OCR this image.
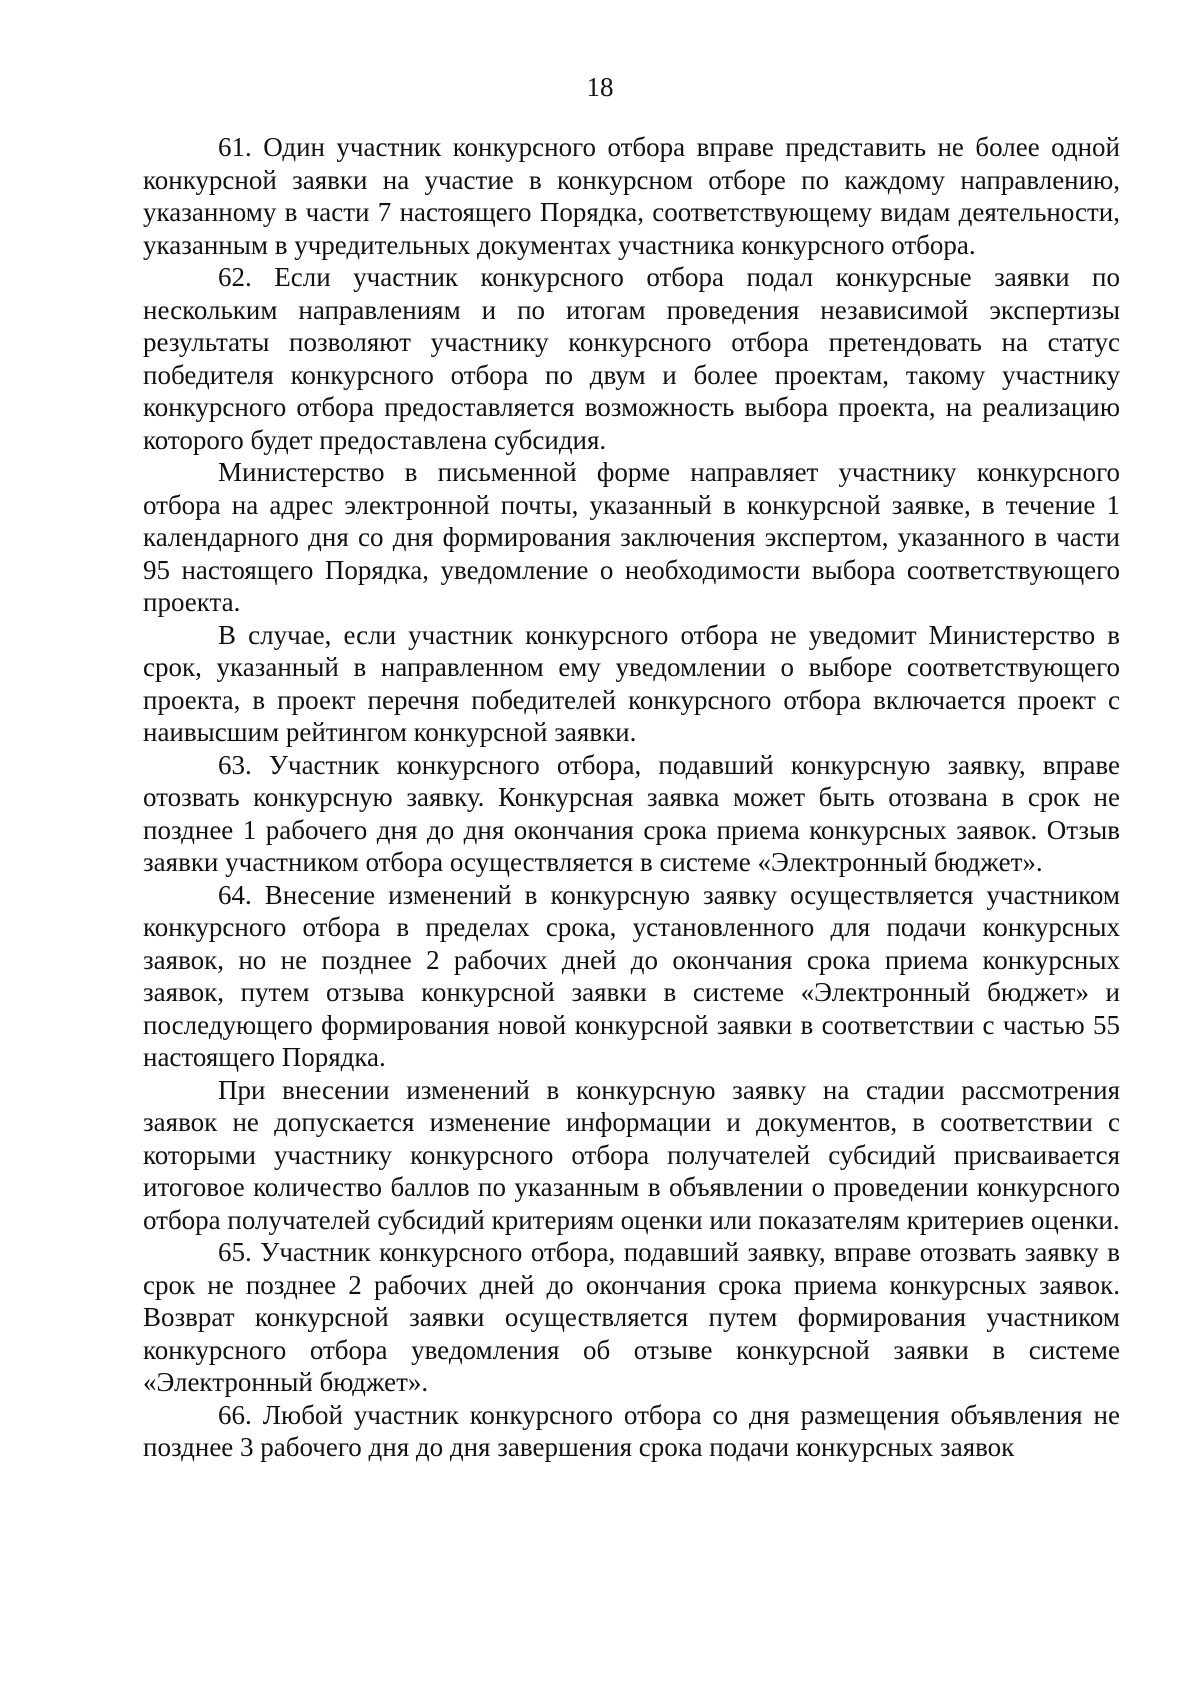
18

61. Один участник конкурсного отбора вправе представить не более одной конкурсной заявки на участие в конкурсном отборе по каждому направлению, указанному в части 7 настоящего Порядка, соответствующему видам деятельности, указанным в учредительных документах участника конкурсного отбора.

62. Если участник конкурсного отбора подал конкурсные заявки по нескольким направлениям и по итогам проведения независимой экспертизы результаты позволяют участнику конкурсного отбора претендовать на статус победителя конкурсного отбора по двум и более проектам, такому участнику конкурсного отбора предоставляется возможность выбора проекта, на реализацию которого будет предоставлена субсидия.

Министерство в письменной форме направляет участнику конкурсного отбора на адрес электронной почты, указанный в конкурсной заявке, в течение 1 календарного дня со дня формирования заключения экспертом, указанного в части 95 настоящего Порядка, уведомление о необходимости выбора соответствующего проекта.

В случае, если участник конкурсного отбора не уведомит Министерство в срок, указанный в направленном ему уведомлении о выборе соответствующего проекта, в проект перечня победителей конкурсного отбора включается проект с наивысшим рейтингом конкурсной заявки.

63. Участник конкурсного отбора, подавший конкурсную заявку, вправе отозвать конкурсную заявку. Конкурсная заявка может быть отозвана в срок не позднее 1 рабочего дня до дня окончания срока приема конкурсных заявок. Отзыв заявки участником отбора осуществляется в системе «Электронный бюджет».

64. Внесение изменений в конкурсную заявку осуществляется участником конкурсного отбора в пределах срока, установленного для подачи конкурсных заявок, но не позднее 2 рабочих дней до окончания срока приема конкурсных заявок, путем отзыва конкурсной заявки в системе «Электронный бюджет» и последующего формирования новой конкурсной заявки в соответствии с частью 55 настоящего Порядка.

При внесении изменений в конкурсную заявку на стадии рассмотрения заявок не допускается изменение информации и документов, в соответствии с которыми участнику конкурсного отбора получателей субсидий присваивается итоговое количество баллов по указанным в объявлении о проведении конкурсного отбора получателей субсидий критериям оценки или показателям критериев оценки.

65. Участник конкурсного отбора, подавший заявку, вправе отозвать заявку в срок не позднее 2 рабочих дней до окончания срока приема конкурсных заявок. Возврат конкурсной заявки осуществляется путем формирования участником конкурсного отбора уведомления об отзыве конкурсной заявки в системе «Электронный бюджет».

66. Любой участник конкурсного отбора со дня размещения объявления не позднее 3 рабочего дня до дня завершения срока подачи конкурсных заявок
